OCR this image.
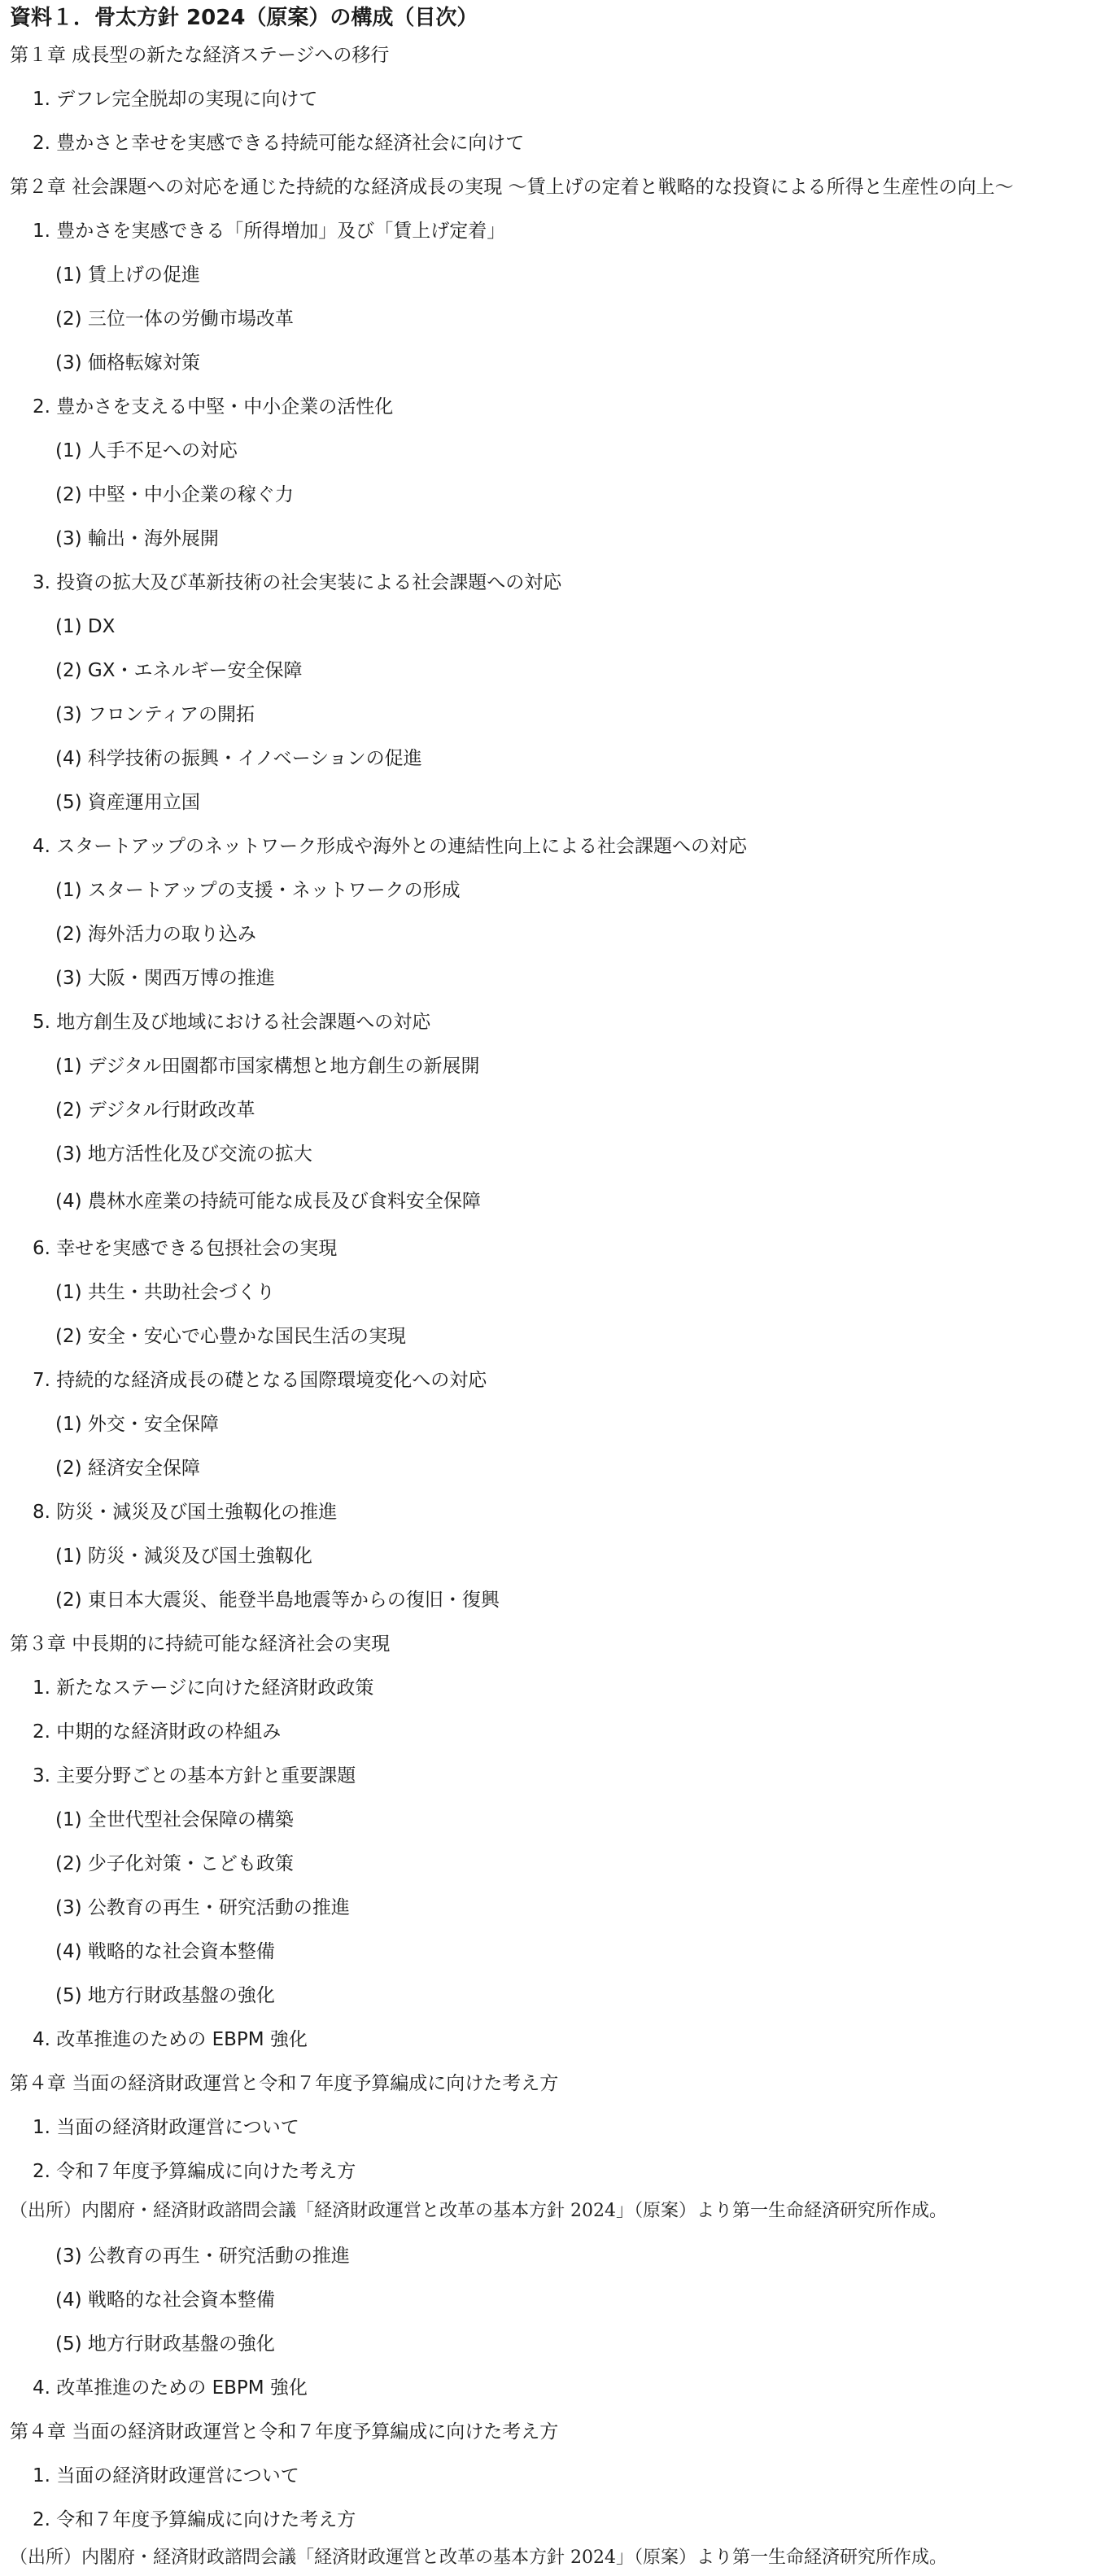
資料１．骨太方針 2024（原案）の構成（目次）
第１章 成長型の新たな経済ステージへの移行
1. デフレ完全脱却の実現に向けて
2. 豊かさと幸せを実感できる持続可能な経済社会に向けて
第２章 社会課題への対応を通じた持続的な経済成長の実現 〜賃上げの定着と戦略的な投資による所得と生産性の向上〜
1. 豊かさを実感できる「所得増加」及び「賃上げ定着」
(1) 賃上げの促進
(2) 三位一体の労働市場改革
(3) 価格転嫁対策
2. 豊かさを支える中堅・中小企業の活性化
(1) 人手不足への対応
(2) 中堅・中小企業の稼ぐ力
(3) 輸出・海外展開
3. 投資の拡大及び革新技術の社会実装による社会課題への対応
(1) DX
(2) GX・エネルギー安全保障
(3) フロンティアの開拓
(4) 科学技術の振興・イノベーションの促進
(5) 資産運用立国
4. スタートアップのネットワーク形成や海外との連結性向上による社会課題への対応
(1) スタートアップの支援・ネットワークの形成
(2) 海外活力の取り込み
(3) 大阪・関西万博の推進
5. 地方創生及び地域における社会課題への対応
(1) デジタル田園都市国家構想と地方創生の新展開
(2) デジタル行財政改革
(3) 地方活性化及び交流の拡大
(4) 農林水産業の持続可能な成長及び食料安全保障
6. 幸せを実感できる包摂社会の実現
(1) 共生・共助社会づくり
(2) 安全・安心で心豊かな国民生活の実現
7. 持続的な経済成長の礎となる国際環境変化への対応
(1) 外交・安全保障
(2) 経済安全保障
8. 防災・減災及び国土強靱化の推進
(1) 防災・減災及び国土強靱化
(2) 東日本大震災、能登半島地震等からの復旧・復興
第３章 中長期的に持続可能な経済社会の実現
1. 新たなステージに向けた経済財政政策
2. 中期的な経済財政の枠組み
3. 主要分野ごとの基本方針と重要課題
(1) 全世代型社会保障の構築
(2) 少子化対策・こども政策
(3) 公教育の再生・研究活動の推進
(4) 戦略的な社会資本整備
(5) 地方行財政基盤の強化
4. 改革推進のための EBPM 強化
第４章 当面の経済財政運営と令和７年度予算編成に向けた考え方
1. 当面の経済財政運営について
2. 令和７年度予算編成に向けた考え方
（出所）内閣府・経済財政諮問会議「経済財政運営と改革の基本方針 2024」（原案）より第一生命経済研究所作成。
(3) 公教育の再生・研究活動の推進
(4) 戦略的な社会資本整備
(5) 地方行財政基盤の強化
4. 改革推進のための EBPM 強化
第４章 当面の経済財政運営と令和７年度予算編成に向けた考え方
1. 当面の経済財政運営について
2. 令和７年度予算編成に向けた考え方
（出所）内閣府・経済財政諮問会議「経済財政運営と改革の基本方針 2024」（原案）より第一生命経済研究所作成。
